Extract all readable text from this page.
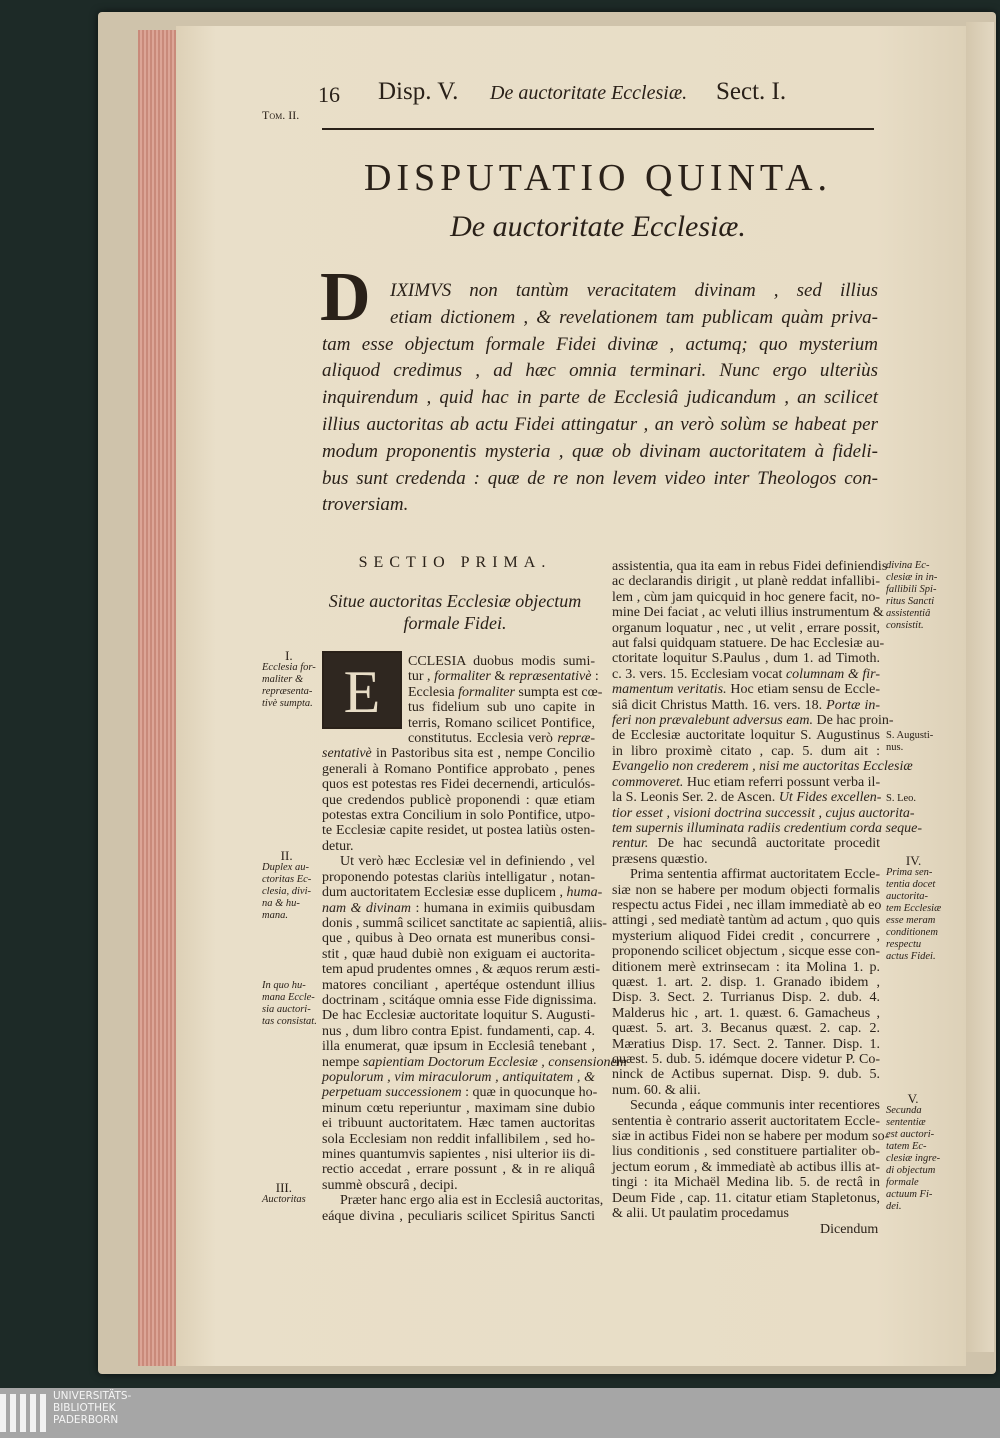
Tom. II.
16 Disp. V. De auctoritate Ecclesiæ. Sect. I.
DISPUTATIO QUINTA.
De auctoritate Ecclesiæ.
D	IXIMVS non tantùm veracitatem divinam , sed illius
etiam dictionem , & revelationem tam publicam quàm priva-
tam esse objectum formale Fidei divinæ , actumq; quo mysterium
aliquod credimus , ad hæc omnia terminari. Nunc ergo ulteriùs
inquirendum , quid hac in parte de Ecclesiâ judicandum , an scilicet
illius auctoritas ab actu Fidei attingatur , an verò solùm se habeat per
modum proponentis mysteria , quæ ob divinam auctoritatem à fideli-
bus sunt credenda : quæ de re non levem video inter Theologos con-
troversiam.
SECTIO PRIMA.
Situe auctoritas Ecclesiæ objectum
formale Fidei.
E	CCLESIA duobus modis sumi-
tur , formaliter & repræsentativè :
Ecclesia formaliter sumpta est cœ-
tus fidelium sub uno capite in
terris, Romano scilicet Pontifice,
constitutus. Ecclesia verò repræ-
sentativè in Pastoribus sita est , nempe Concilio
generali à Romano Pontifice approbato , penes
quos est potestas res Fidei decernendi, articulós-
que credendos publicè proponendi : quæ etiam
potestas extra Concilium in solo Pontifice, utpo-
te Ecclesiæ capite residet, ut postea latiùs osten-
detur.
Ut verò hæc Ecclesiæ vel in definiendo , vel
proponendo potestas clariùs intelligatur , notan-
dum auctoritatem Ecclesiæ esse duplicem , huma-
nam & divinam : humana in eximiis quibusdam
donis , summâ scilicet sanctitate ac sapientiâ, aliis-
que , quibus à Deo ornata est muneribus consi-
stit , quæ haud dubiè non exiguam ei auctorita-
tem apud prudentes omnes , & æquos rerum æsti-
matores conciliant , apertéque ostendunt illius
doctrinam , scitáque omnia esse Fide dignissima.
De hac Ecclesiæ auctoritate loquitur S. Augusti-
nus , dum libro contra Epist. fundamenti, cap. 4.
illa enumerat, quæ ipsum in Ecclesiâ tenebant ,
nempe sapientiam Doctorum Ecclesiæ , consensionem
populorum , vim miraculorum , antiquitatem , &
perpetuam successionem : quæ in quocunque ho-
minum cœtu reperiuntur , maximam sine dubio
ei tribuunt auctoritatem. Hæc tamen auctoritas
sola Ecclesiam non reddit infallibilem , sed ho-
mines quantumvis sapientes , nisi ulterior iis di-
rectio accedat , errare possunt , & in re aliquâ
summè obscurâ , decipi.
Præter hanc ergo alia est in Ecclesiâ auctoritas,
eáque divina , peculiaris scilicet Spiritus Sancti
assistentia, qua ita eam in rebus Fidei definiendis
ac declarandis dirigit , ut planè reddat infallibi-
lem , cùm jam quicquid in hoc genere facit, no-
mine Dei faciat , ac veluti illius instrumentum &
organum loquatur , nec , ut velit , errare possit,
aut falsi quidquam statuere. De hac Ecclesiæ au-
ctoritate loquitur S.Paulus , dum 1. ad Timoth.
c. 3. vers. 15. Ecclesiam vocat columnam & fir-
mamentum veritatis. Hoc etiam sensu de Eccle-
siâ dicit Christus Matth. 16. vers. 18. Portæ in-
feri non prævalebunt adversus eam. De hac proin-
de Ecclesiæ auctoritate loquitur S. Augustinus
in libro proximè citato , cap. 5. dum ait :
Evangelio non crederem , nisi me auctoritas Ecclesiæ
commoveret. Huc etiam referri possunt verba il-
la S. Leonis Ser. 2. de Ascen. Ut Fides excellen-
tior esset , visioni doctrina successit , cujus auctorita-
tem supernis illuminata radiis credentium corda seque-
rentur. De hac secundâ auctoritate procedit
præsens quæstio.
Prima sententia affirmat auctoritatem Eccle-
siæ non se habere per modum objecti formalis
respectu actus Fidei , nec illam immediatè ab eo
attingi , sed mediatè tantùm ad actum , quo quis
mysterium aliquod Fidei credit , concurrere ,
proponendo scilicet objectum , sicque esse con-
ditionem merè extrinsecam : ita Molina 1. p.
quæst. 1. art. 2. disp. 1. Granado ibidem ,
Disp. 3. Sect. 2. Turrianus Disp. 2. dub. 4.
Malderus hic , art. 1. quæst. 6. Gamacheus ,
quæst. 5. art. 3. Becanus quæst. 2. cap. 2.
Mæratius Disp. 17. Sect. 2. Tanner. Disp. 1.
quæst. 5. dub. 5. idémque docere videtur P. Co-
ninck de Actibus supernat. Disp. 9. dub. 5.
num. 60. & alii.
Secunda , eáque communis inter recentiores
sententia è contrario asserit auctoritatem Eccle-
siæ in actibus Fidei non se habere per modum so-
lius conditionis , sed constituere partialiter ob-
jectum eorum , & immediatè ab actibus illis at-
tingi : ita Michaël Medina lib. 5. de rectâ in
Deum Fide , cap. 11. citatur etiam Stapletonus,
& alii. Ut paulatim procedamus
Dicendum
I.
Ecclesia for-
maliter &
repræsenta-
tivè sumpta.
II.
Duplex au-
ctoritas Ec-
clesia, divi-
na & hu-
mana.
In quo hu-
mana Eccle-
sia auctori-
tas consistat.
III.
Auctoritas
divina Ec-
clesiæ in in-
fallibili Spi-
ritus Sancti
assistentiâ
consistit.
S. Augusti-
nus.
S. Leo.
IV.
Prima sen-
tentia docet
auctorita-
tem Ecclesiæ
esse meram
conditionem
respectu
actus Fidei.
V.
Secunda
sententiæ
est auctori-
tatem Ec-
clesiæ ingre-
di objectum
formale
actuum Fi-
dei.
UNIVERSITÄTS-
BIBLIOTHEK
PADERBORN
